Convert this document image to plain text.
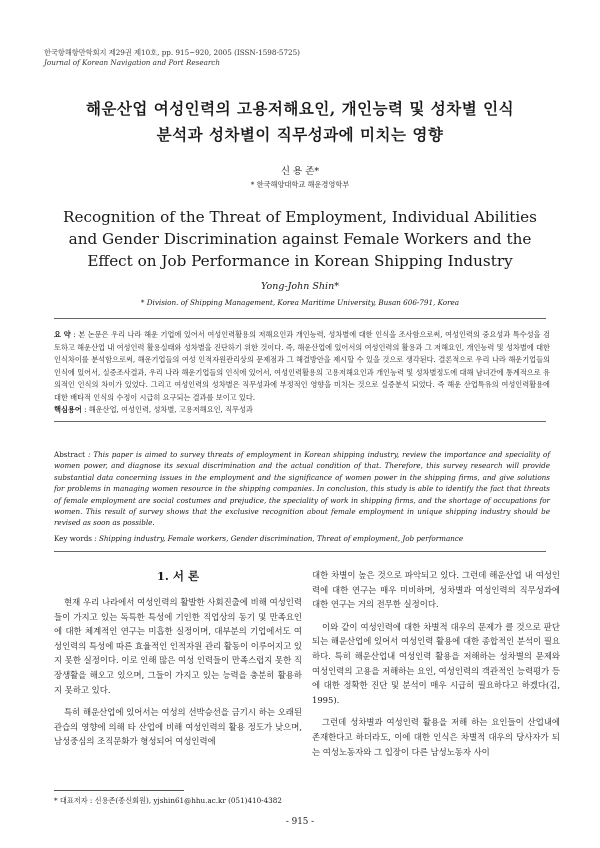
한국항해항만학회지 제29권 제10호, pp. 915~920, 2005 (ISSN-1598-5725)
Journal of Korean Navigation and Port Research
해운산업 여성인력의 고용저해요인, 개인능력 및 성차별 인식
분석과 성차별이 직무성과에 미치는 영향
신 용 존*
* 한국해양대학교 해운경영학부
Recognition of the Threat of Employment, Individual Abilities
and Gender Discrimination against Female Workers and the
Effect on Job Performance in Korean Shipping Industry
Yong-John Shin*
* Division. of Shipping Management, Korea Maritime University, Busan 606-791, Korea
요 약 : 본 논문은 우리 나라 해운 기업에 있어서 여성인력활용의 저해요인과 개인능력, 성차별에 대한 인식을 조사함으로써, 여성인력의 중요성과 특수성을 검토하고 해운산업 내 여성인력 활용실태와 성차별을 진단하기 위한 것이다. 즉, 해운산업에 있어서의 여성인력의 활용과 그 저해요인, 개인능력 및 성차별에 대한 인식차이를 분석함으로써, 해운기업들의 여성 인적자원관리상의 문제점과 그 해결방안을 제시할 수 있을 것으로 생각된다. 결론적으로 우리 나라 해운기업들의 인식에 있어서, 실증조사결과, 우리 나라 해운기업들의 인식에 있어서, 여성인력활용의 고용저해요인과 개인능력 및 성차별정도에 대해 남녀간에 통계적으로 유의적인 인식의 차이가 있었다. 그리고 여성인력의 성차별은 직무성과에 부정적인 영향을 미치는 것으로 실증분석 되었다. 즉 해운 산업특유의 여성인력활용에 대한 배타적 인식의 수정이 시급히 요구되는 결과를 보이고 있다.
핵심용어 : 해운산업, 여성인력, 성차별, 고용저해요인, 직무성과
Abstract : This paper is aimed to survey threats of employment in Korean shipping industry, review the importance and speciality of women power, and diagnose its sexual discrimination and the actual condition of that. Therefore, this survey research will provide substantial data concerning issues in the employment and the significance of women power in the shipping firms, and give solutions for problems in managing women resource in the shipping companies. In conclusion, this study is able to identify the fact that threats of female employment are social costumes and prejudice, the speciality of work in shipping firms, and the shortage of occupations for women. This result of survey shows that the exclusive recognition about female employment in unique shipping industry should be revised as soon as possible.
Key words : Shipping industry, Female workers, Gender discrimination, Threat of employment, Job performance
1. 서 론

현재 우리 나라에서 여성인력의 활발한 사회진출에 비해 여성인력들이 가지고 있는 독특한 특성에 기인한 직업상의 동기 및 만족요인에 대한 체계적인 연구는 미흡한 실정이며, 대부분의 기업에서도 여성인력의 특성에 따른 효율적인 인적자원 관리 활동이 이루어지고 있지 못한 실정이다. 이로 인해 많은 여성 인력들이 만족스럽지 못한 직장생활을 해오고 있으며, 그들이 가지고 있는 능력을 충분히 활용하지 못하고 있다.

특히 해운산업에 있어서는 여성의 선박승선을 금기시 하는 오래된 관습의 영향에 의해 타 산업에 비해 여성인력의 활용 정도가 낮으며, 남성중심의 조직문화가 형성되어 여성인력에

대한 차별이 높은 것으로 파악되고 있다. 그런데 해운산업 내 여성인력에 대한 연구는 매우 미비하며, 성차별과 여성인력의 직무성과에 대한 연구는 거의 전무한 실정이다.

이와 같이 여성인력에 대한 차별적 대우의 문제가 클 것으로 판단되는 해운산업에 있어서 여성인력 활용에 대한 종합적인 분석이 필요하다. 특히 해운산업내 여성인력 활용을 저해하는 성차별의 문제와 여성인력의 고용을 저해하는 요인, 여성인력의 객관적인 능력평가 등에 대한 정확한 진단 및 분석이 매우 시급히 필요하다고 하겠다(김, 1995).

그런데 성차별과 여성인력 활용을 저해 하는 요인들이 산업내에 존재한다고 하더라도, 이에 대한 인식은 차별적 대우의 당사자가 되는 여성노동자와 그 입장이 다른 남성노동자 사이

* 대표저자 : 신용존(종신회원), yjshin61@hhu.ac.kr (051)410-4382
- 915 -
